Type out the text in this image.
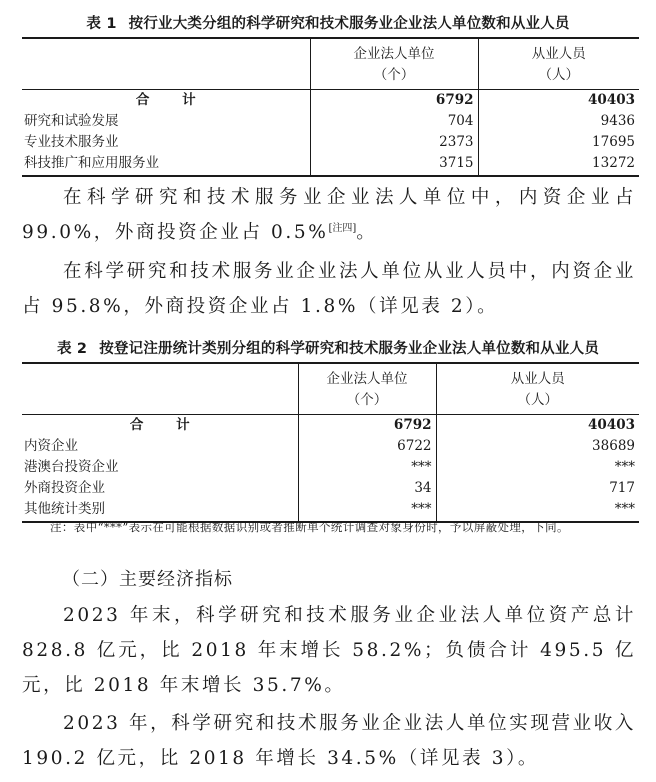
表 1 按行业大类分组的科学研究和技术服务业企业法人单位数和从业人员
	企业法人单位	从业人员
	（个）	（人）
合 计	6792	40403
研究和试验发展	704	9436
专业技术服务业	2373	17695
科技推广和应用服务业	3715	13272
在科学研究和技术服务业企业法人单位中，内资企业占99.0%，外商投资企业占 0.5%[注四]。
在科学研究和技术服务业企业法人单位从业人员中，内资企业占 95.8%，外商投资企业占 1.8%（详见表 2）。
表 2 按登记注册统计类别分组的科学研究和技术服务业企业法人单位数和从业人员
	企业法人单位	从业人员
	（个）	（人）
合 计	6792	40403
内资企业	6722	38689
港澳台投资企业	***	***
外商投资企业	34	717
其他统计类别	***	***
注：表中“***”表示在可能根据数据识别或者推断单个统计调查对象身份时，予以屏蔽处理，下同。
（二）主要经济指标
2023 年末，科学研究和技术服务业企业法人单位资产总计 828.8 亿元，比 2018 年末增长 58.2%；负债合计 495.5 亿元，比 2018 年末增长 35.7%。
2023 年，科学研究和技术服务业企业法人单位实现营业收入 190.2 亿元，比 2018 年增长 34.5%（详见表 3）。
